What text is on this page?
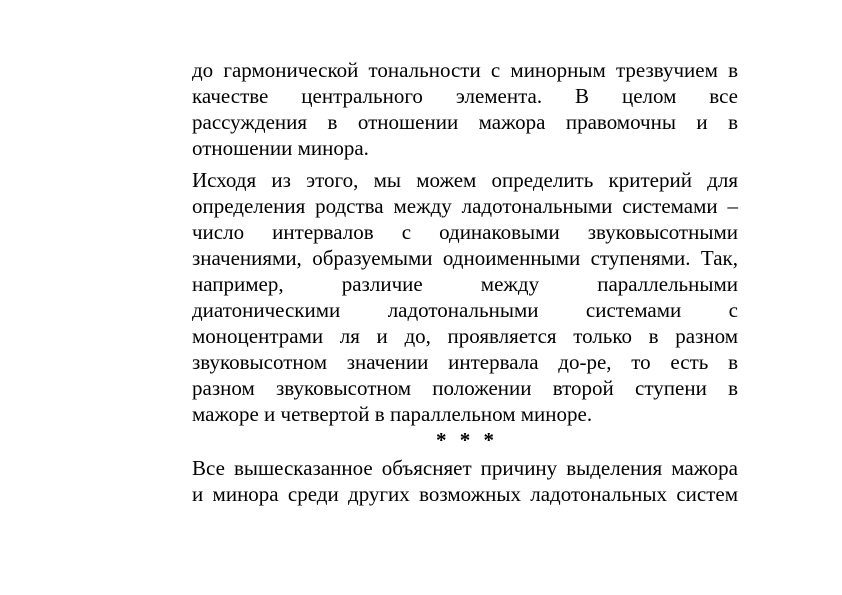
до гармонической тональности с минорным трезвучием в
качестве центрального элемента. В целом все
рассуждения в отношении мажора правомочны и в
отношении минора.
Исходя из этого, мы можем определить критерий для
определения родства между ладотональными системами –
число интервалов с одинаковыми звуковысотными
значениями, образуемыми одноименными ступенями. Так,
например, различие между параллельными
диатоническими ладотональными системами с
моноцентрами ля и до, проявляется только в разном
звуковысотном значении интервала до-ре, то есть в
разном звуковысотном положении второй ступени в
мажоре и четвертой в параллельном миноре.
* * *
Все вышесказанное объясняет причину выделения мажора
и минора среди других возможных ладотональных систем
